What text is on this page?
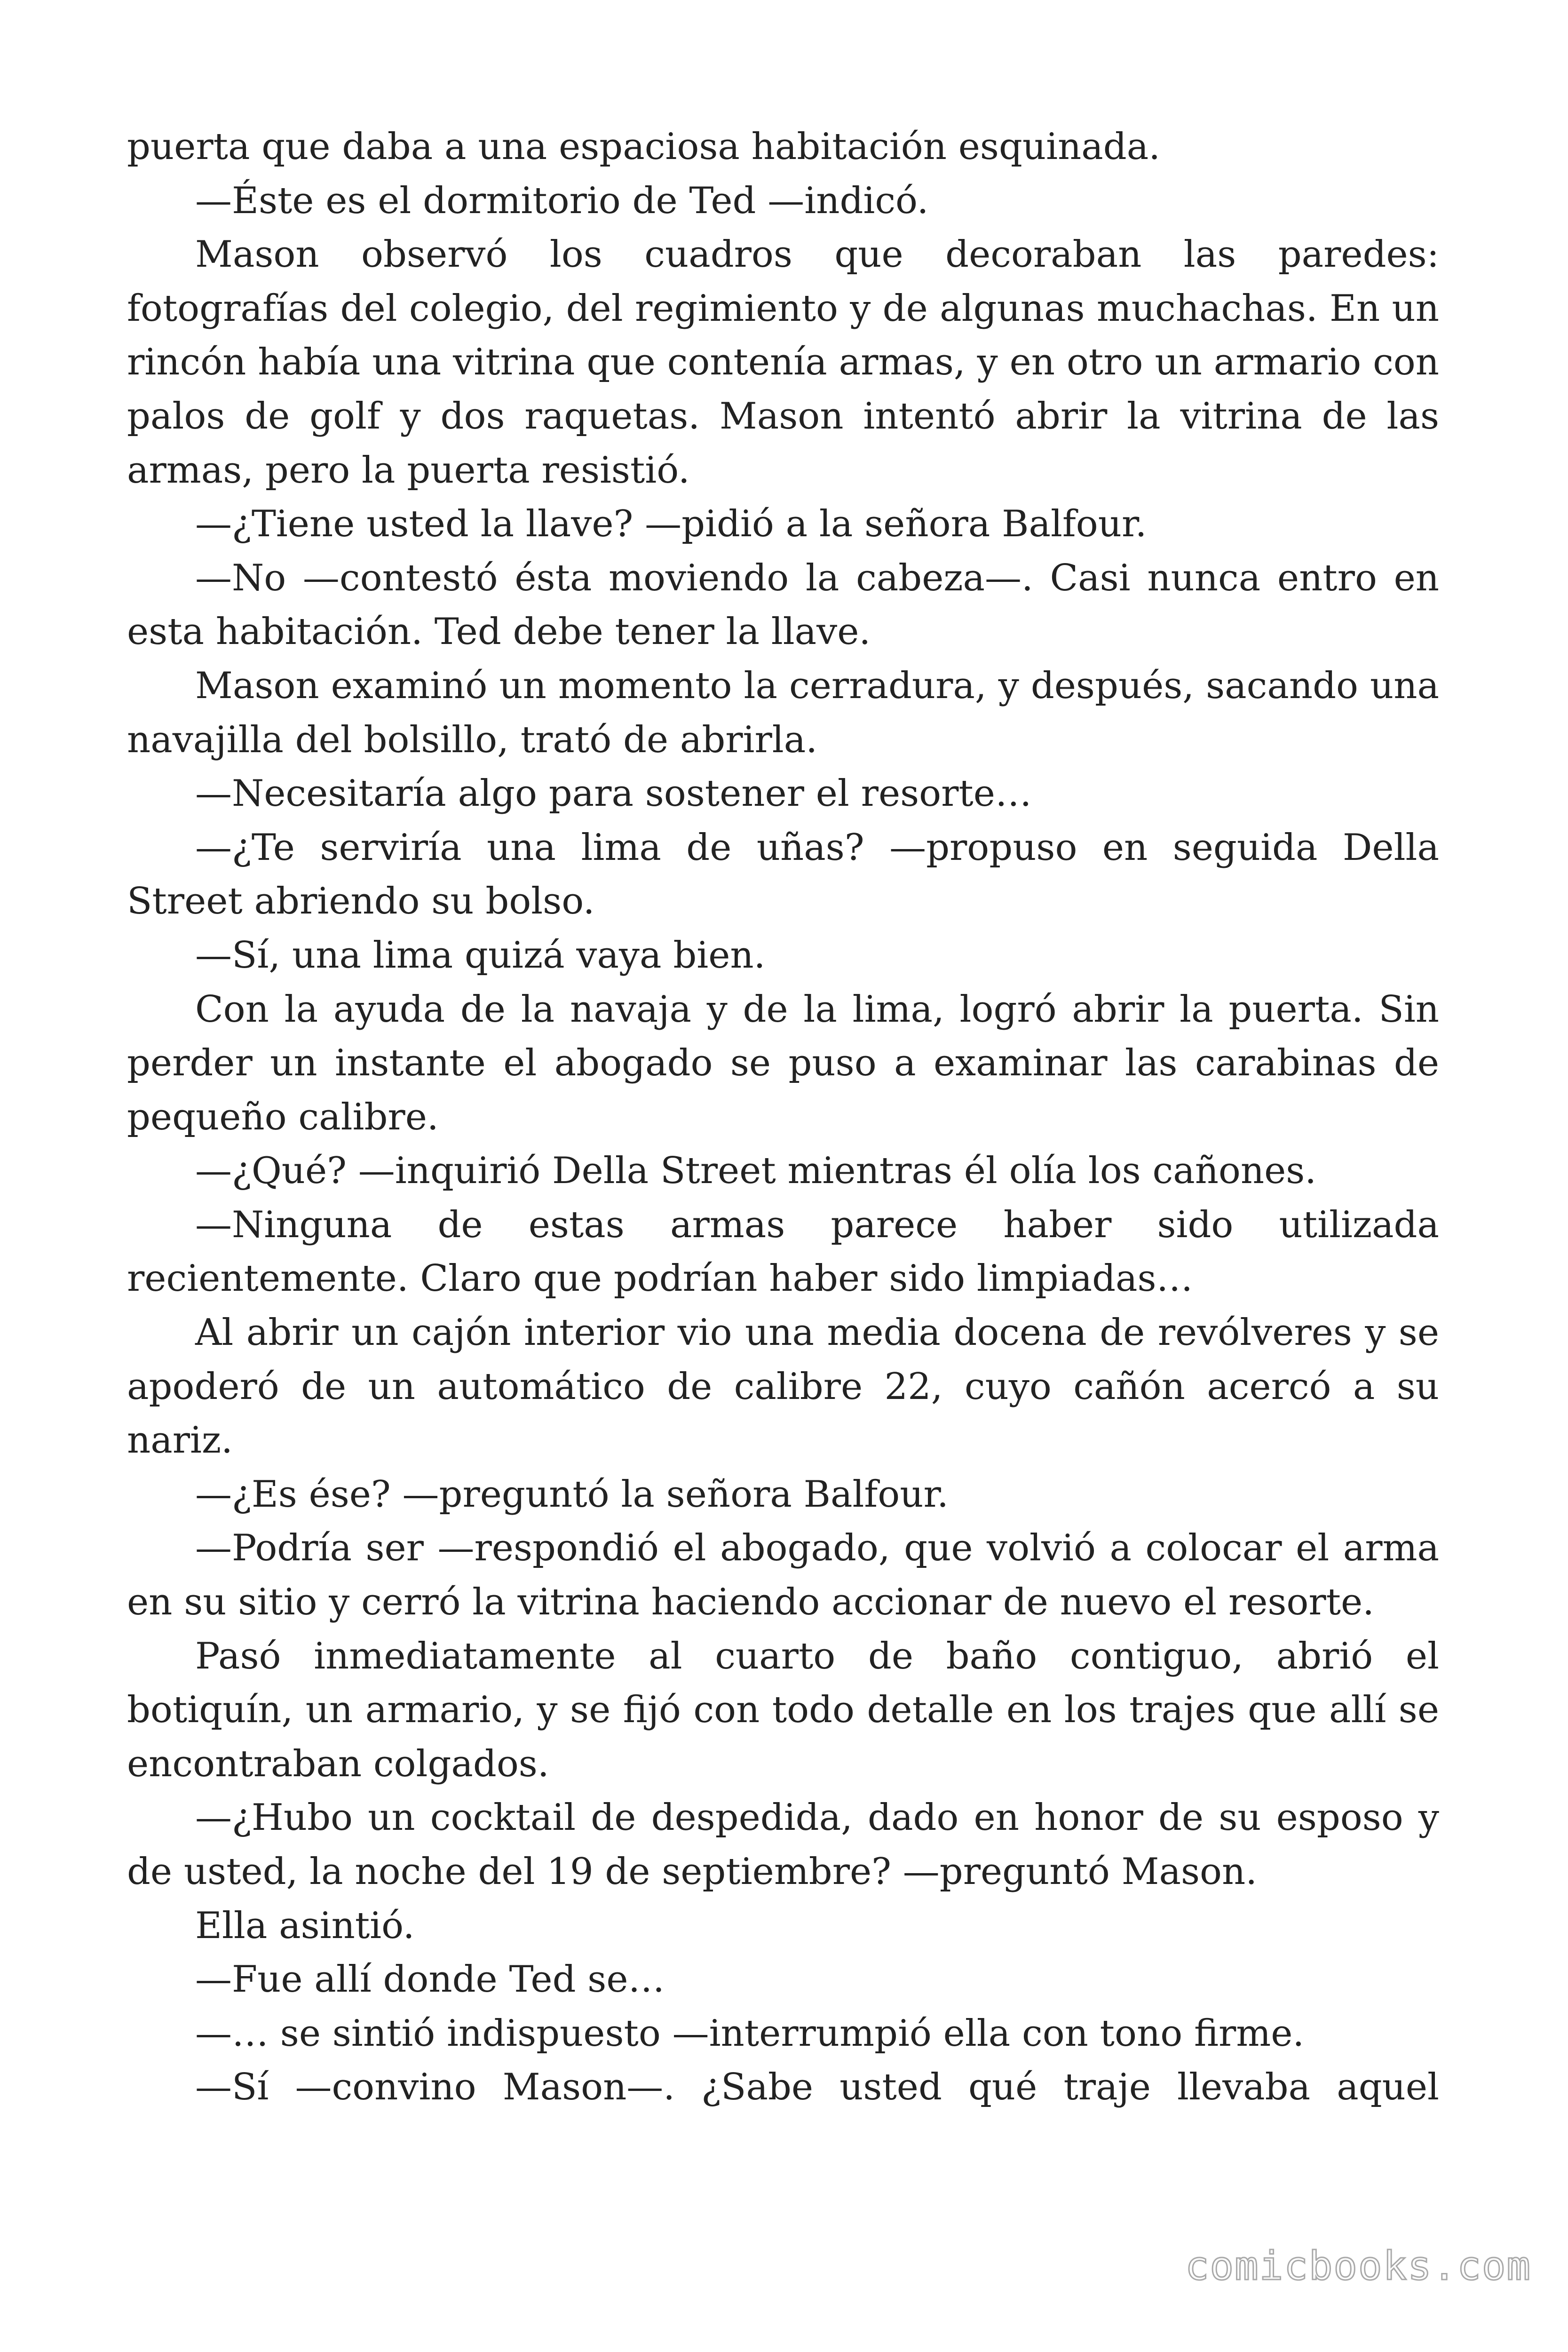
puerta que daba a una espaciosa habitación esquinada.

—Éste es el dormitorio de Ted —indicó.

Mason observó los cuadros que decoraban las paredes: fotografías del colegio, del regimiento y de algunas muchachas. En un rincón había una vitrina que contenía armas, y en otro un armario con palos de golf y dos raquetas. Mason intentó abrir la vitrina de las armas, pero la puerta resistió.

—¿Tiene usted la llave? —pidió a la señora Balfour.

—No —contestó ésta moviendo la cabeza—. Casi nunca entro en esta habitación. Ted debe tener la llave.

Mason examinó un momento la cerradura, y después, sacando una navajilla del bolsillo, trató de abrirla.

—Necesitaría algo para sostener el resorte…

—¿Te serviría una lima de uñas? —propuso en seguida Della Street abriendo su bolso.

—Sí, una lima quizá vaya bien.

Con la ayuda de la navaja y de la lima, logró abrir la puerta. Sin perder un instante el abogado se puso a examinar las carabinas de pequeño calibre.

—¿Qué? —inquirió Della Street mientras él olía los cañones.

—Ninguna de estas armas parece haber sido utilizada recientemente. Claro que podrían haber sido limpiadas…

Al abrir un cajón interior vio una media docena de revólveres y se apoderó de un automático de calibre 22, cuyo cañón acercó a su nariz.

—¿Es ése? —preguntó la señora Balfour.

—Podría ser —respondió el abogado, que volvió a colocar el arma en su sitio y cerró la vitrina haciendo accionar de nuevo el resorte.

Pasó inmediatamente al cuarto de baño contiguo, abrió el botiquín, un armario, y se fijó con todo detalle en los trajes que allí se encontraban colgados.

—¿Hubo un cocktail de despedida, dado en honor de su esposo y de usted, la noche del 19 de septiembre? —preguntó Mason.

Ella asintió.

—Fue allí donde Ted se…

—… se sintió indispuesto —interrumpió ella con tono firme.

—Sí —convino Mason—. ¿Sabe usted qué traje llevaba aquel

comicbooks.com
